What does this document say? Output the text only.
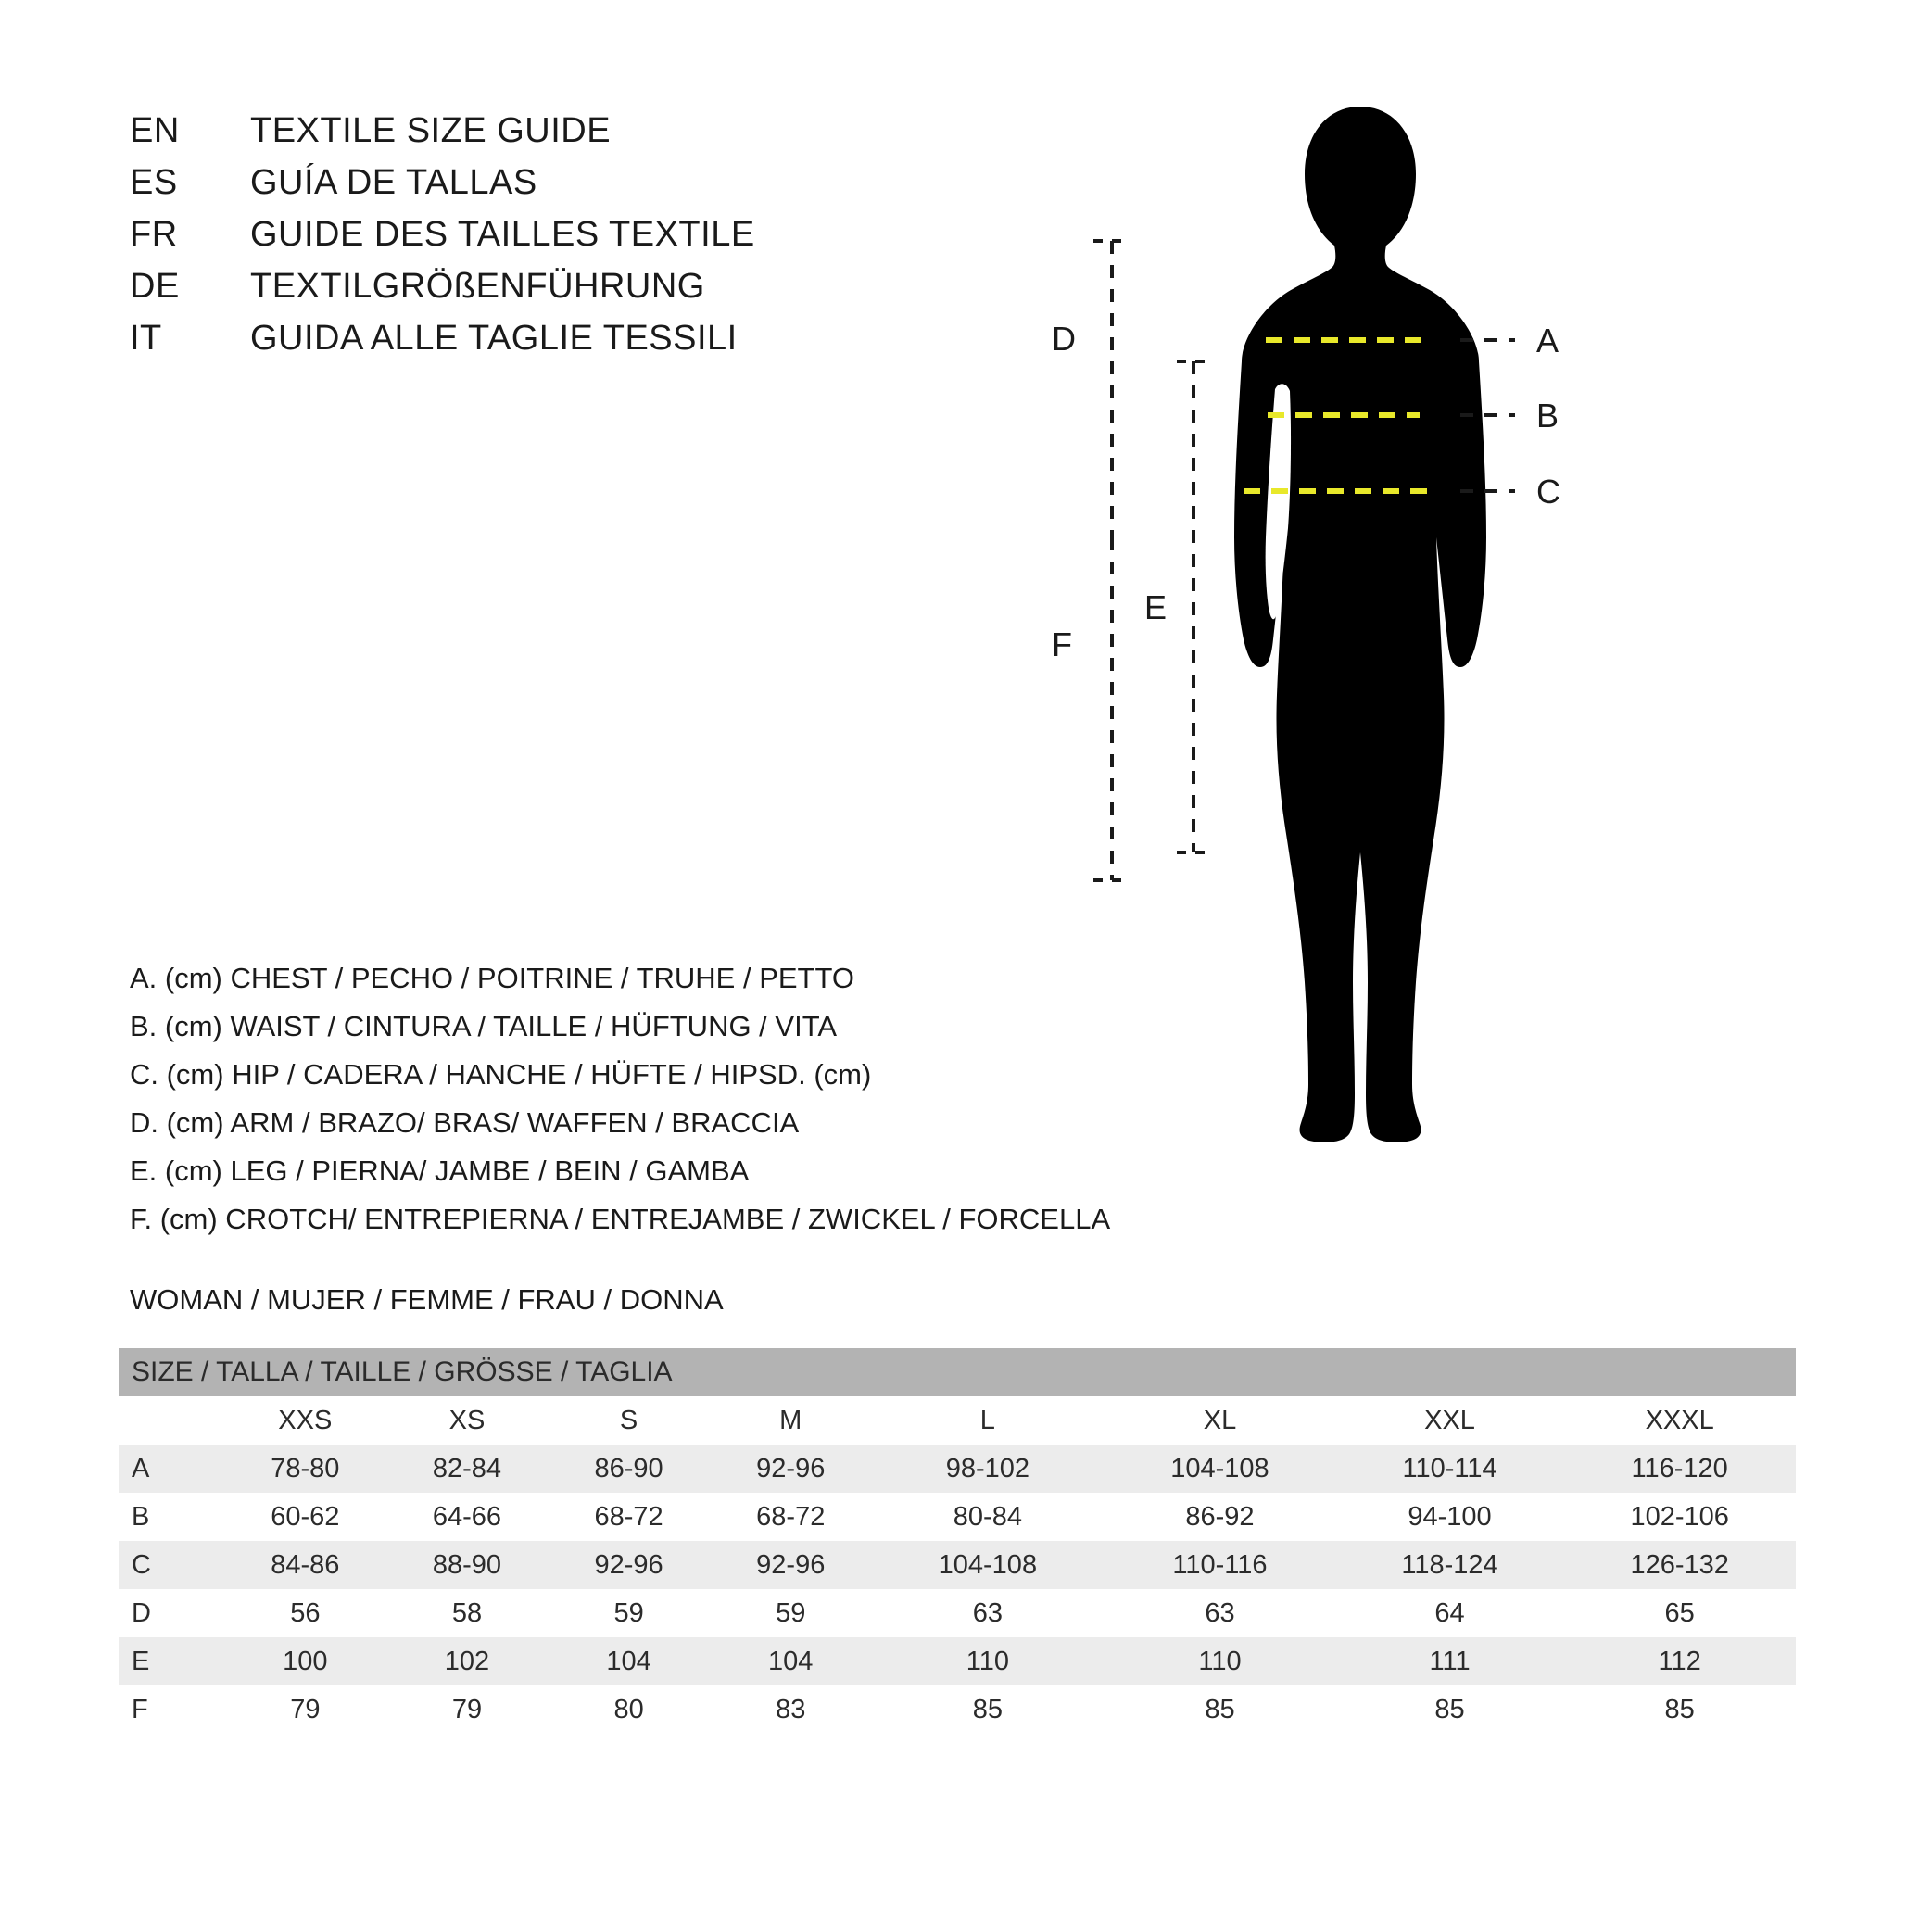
EN	TEXTILE SIZE GUIDE
ES	GUÍA DE TALLAS
FR	GUIDE DES TAILLES TEXTILE
DE	TEXTILGRÖßENFÜHRUNG
IT	GUIDA ALLE TAGLIE TESSILI	A
B
C
D
E
F
A. (cm) CHEST / PECHO / POITRINE / TRUHE / PETTO
B. (cm) WAIST / CINTURA / TAILLE / HÜFTUNG / VITA
C. (cm) HIP / CADERA / HANCHE / HÜFTE / HIPSD. (cm)
D. (cm) ARM / BRAZO/ BRAS/ WAFFEN / BRACCIA
E. (cm) LEG / PIERNA/ JAMBE / BEIN / GAMBA
F. (cm) CROTCH/ ENTREPIERNA / ENTREJAMBE / ZWICKEL / FORCELLA
WOMAN / MUJER / FEMME / FRAU / DONNA
SIZE / TALLA / TAILLE / GRÖSSE / TAGLIA								
	XXS	XS	S	M	L	XL	XXL	XXXL
A	78-80	82-84	86-90	92-96	98-102	104-108	110-114	116-120
B	60-62	64-66	68-72	68-72	80-84	86-92	94-100	102-106
C	84-86	88-90	92-96	92-96	104-108	110-116	118-124	126-132
D	56	58	59	59	63	63	64	65
E	100	102	104	104	110	110	111	112
F	79	79	80	83	85	85	85	85
